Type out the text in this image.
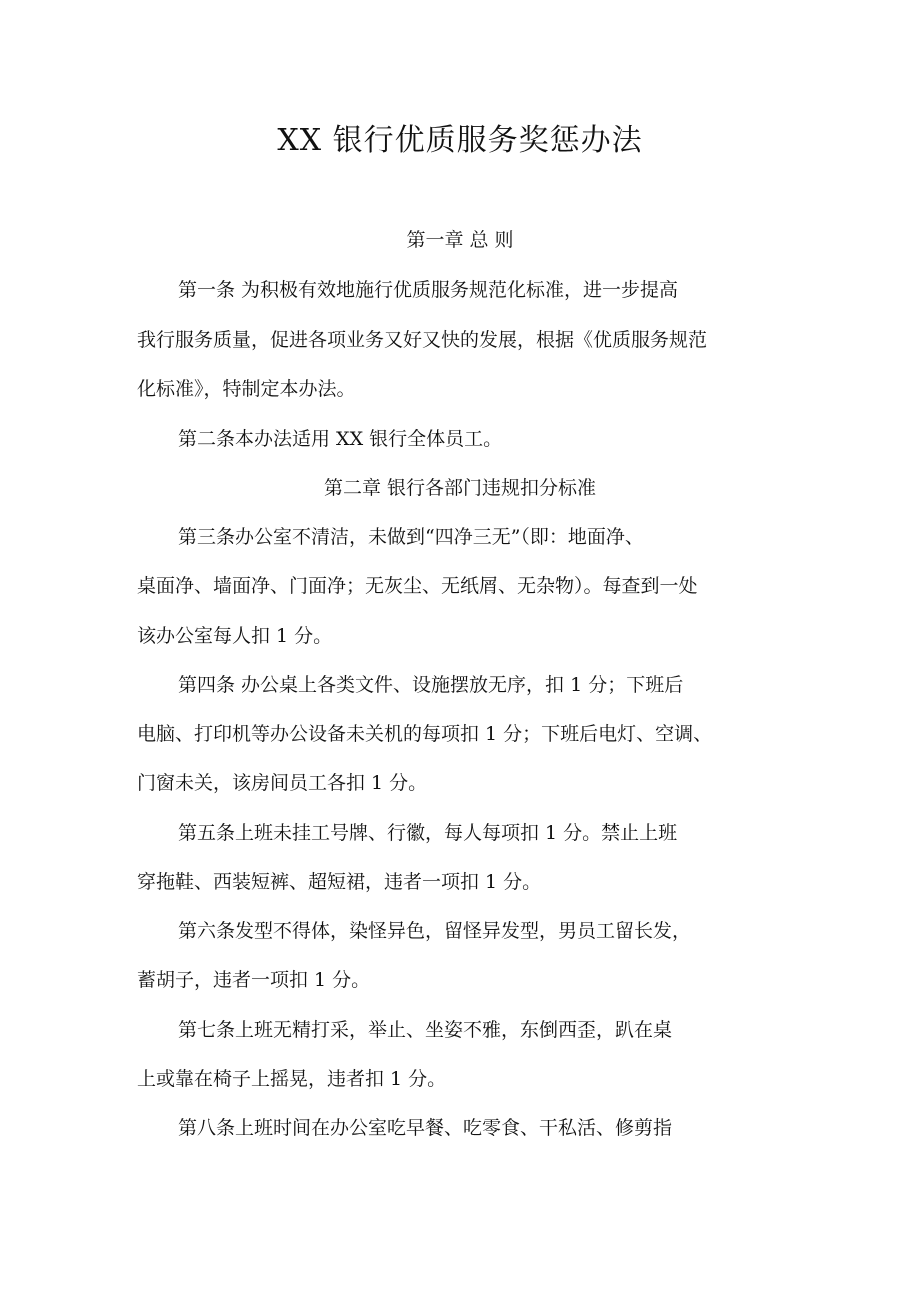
XX 银行优质服务奖惩办法
第一章 总 则
第一条 为积极有效地施行优质服务规范化标准，进一步提高
我行服务质量，促进各项业务又好又快的发展，根据《优质服务规范
化标准》，特制定本办法。
第二条本办法适用 XX 银行全体员工。
第二章 银行各部门违规扣分标准
第三条办公室不清洁，未做到“四净三无”（即：地面净、
桌面净、墙面净、门面净；无灰尘、无纸屑、无杂物）。每查到一处
该办公室每人扣 1 分。
第四条 办公桌上各类文件、设施摆放无序，扣 1 分；下班后
电脑、打印机等办公设备未关机的每项扣 1 分；下班后电灯、空调、
门窗未关，该房间员工各扣 1 分。
第五条上班未挂工号牌、行徽，每人每项扣 1 分。禁止上班
穿拖鞋、西装短裤、超短裙，违者一项扣 1 分。
第六条发型不得体，染怪异色，留怪异发型，男员工留长发，
蓄胡子，违者一项扣 1 分。
第七条上班无精打采，举止、坐姿不雅，东倒西歪，趴在桌
上或靠在椅子上摇晃，违者扣 1 分。
第八条上班时间在办公室吃早餐、吃零食、干私活、修剪指
